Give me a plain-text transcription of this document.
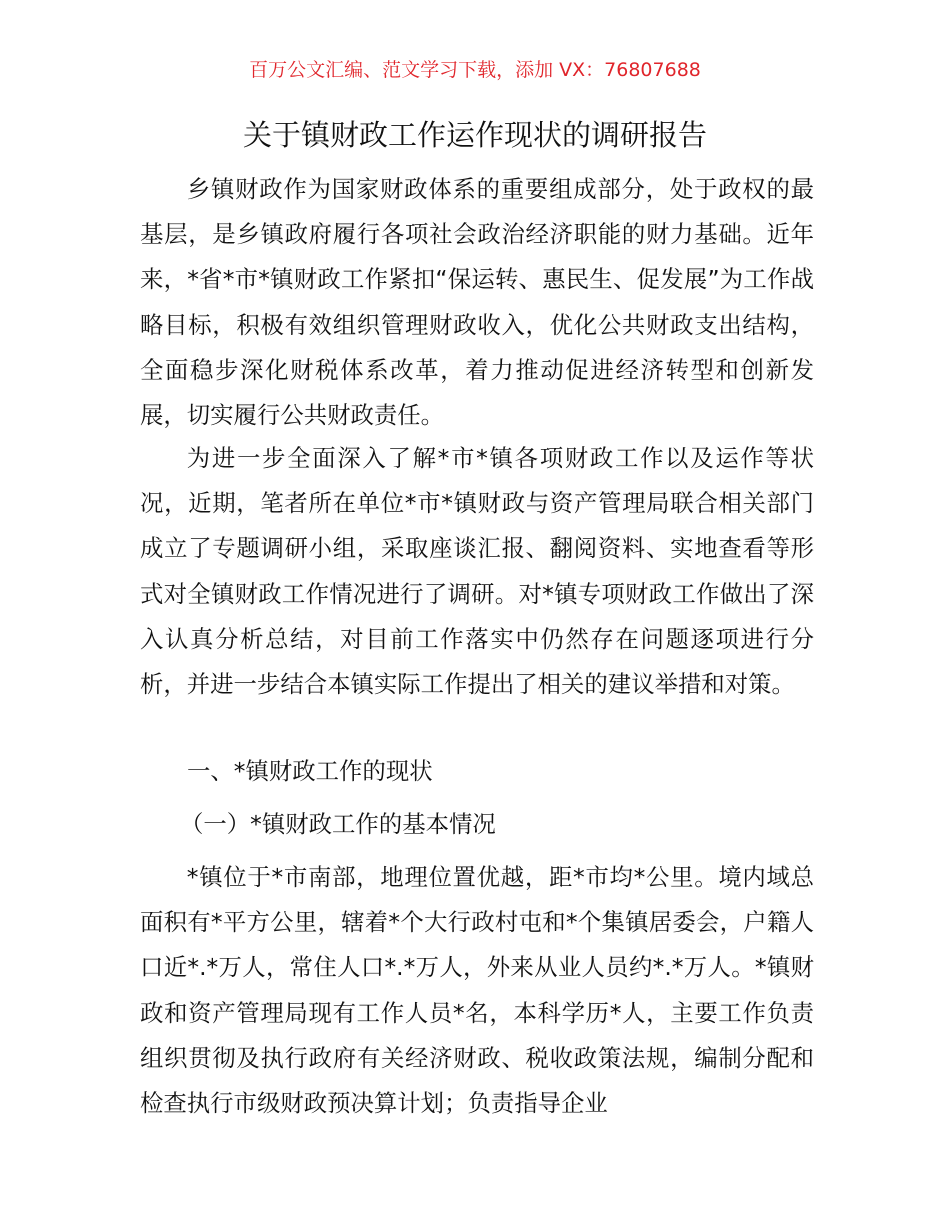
百万公文汇编、范文学习下载，添加 VX：76807688
关于镇财政工作运作现状的调研报告

乡镇财政作为国家财政体系的重要组成部分，处于政权的最基层，是乡镇政府履行各项社会政治经济职能的财力基础。近年来，*省*市*镇财政工作紧扣“保运转、惠民生、促发展”为工作战略目标，积极有效组织管理财政收入，优化公共财政支出结构，全面稳步深化财税体系改革，着力推动促进经济转型和创新发展，切实履行公共财政责任。

为进一步全面深入了解*市*镇各项财政工作以及运作等状况，近期，笔者所在单位*市*镇财政与资产管理局联合相关部门成立了专题调研小组，采取座谈汇报、翻阅资料、实地查看等形式对全镇财政工作情况进行了调研。对*镇专项财政工作做出了深入认真分析总结，对目前工作落实中仍然存在问题逐项进行分析，并进一步结合本镇实际工作提出了相关的建议举措和对策。

一、*镇财政工作的现状

（一）*镇财政工作的基本情况

*镇位于*市南部，地理位置优越，距*市均*公里。境内域总面积有*平方公里，辖着*个大行政村屯和*个集镇居委会，户籍人口近*.*万人，常住人口*.*万人，外来从业人员约*.*万人。*镇财政和资产管理局现有工作人员*名，本科学历*人，主要工作负责组织贯彻及执行政府有关经济财政、税收政策法规，编制分配和检查执行市级财政预决算计划；负责指导企业
